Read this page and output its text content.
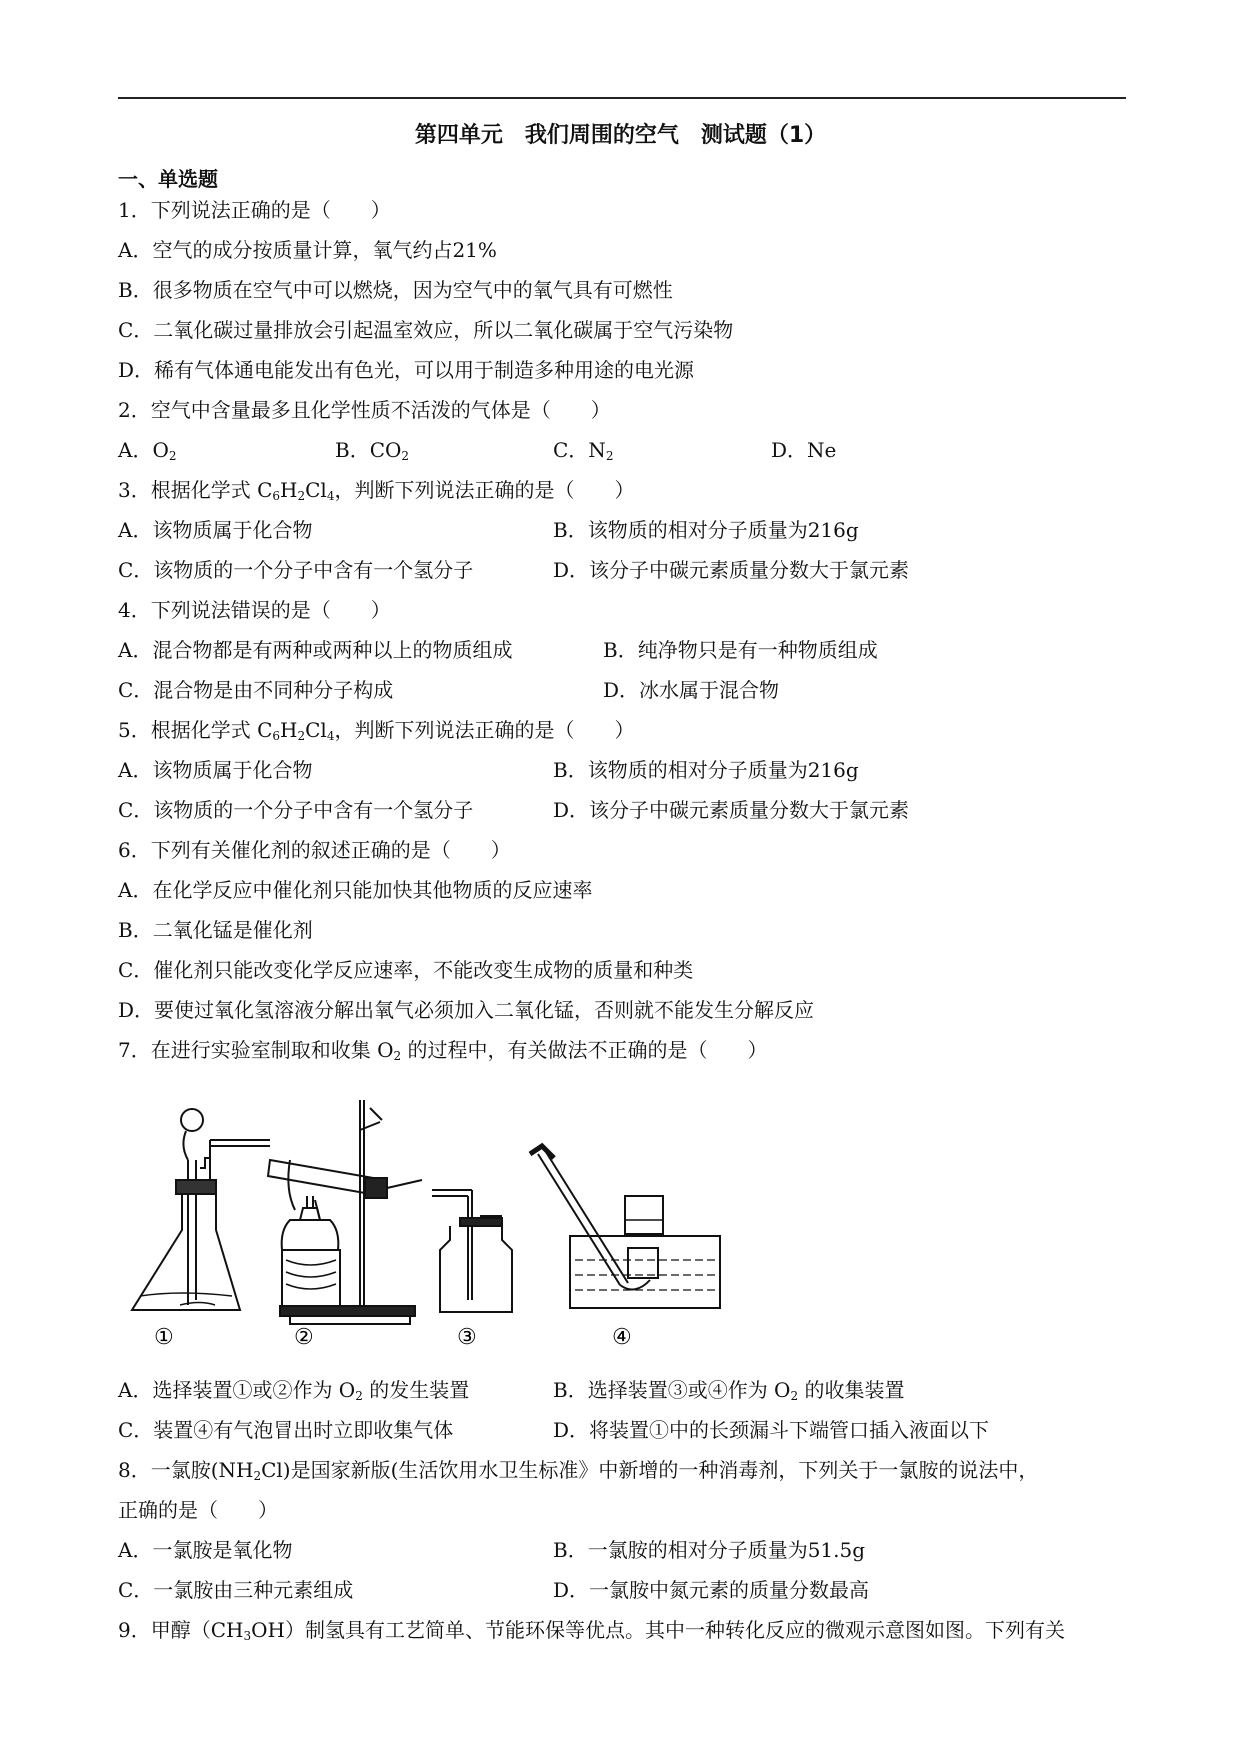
第四单元　我们周围的空气　测试题（1）
一、单选题
1．下列说法正确的是（　　）
A．空气的成分按质量计算，氧气约占21%
B．很多物质在空气中可以燃烧，因为空气中的氧气具有可燃性
C．二氧化碳过量排放会引起温室效应，所以二氧化碳属于空气污染物
D．稀有气体通电能发出有色光，可以用于制造多种用途的电光源
2．空气中含量最多且化学性质不活泼的气体是（　　）
A．$O_2$	B．$CO_2$	C．$N_2$	D．Ne
3．根据化学式 $C_6H_2Cl_4$，判断下列说法正确的是（　　）
A．该物质属于化合物	B．该物质的相对分子质量为216g
C．该物质的一个分子中含有一个氢分子	D．该分子中碳元素质量分数大于氯元素
4．下列说法错误的是（　　）
A．混合物都是有两种或两种以上的物质组成	B．纯净物只是有一种物质组成
C．混合物是由不同种分子构成	D．冰水属于混合物
5．根据化学式 $C_6H_2Cl_4$，判断下列说法正确的是（　　）
A．该物质属于化合物	B．该物质的相对分子质量为216g
C．该物质的一个分子中含有一个氢分子	D．该分子中碳元素质量分数大于氯元素
6．下列有关催化剂的叙述正确的是（　　）
A．在化学反应中催化剂只能加快其他物质的反应速率
B．二氧化锰是催化剂
C．催化剂只能改变化学反应速率，不能改变生成物的质量和种类
D．要使过氧化氢溶液分解出氧气必须加入二氧化锰，否则就不能发生分解反应
7．在进行实验室制取和收集 $O_2$ 的过程中，有关做法不正确的是（　　）
①	②	③	④
A．选择装置①或②作为 $O_2$ 的发生装置	B．选择装置③或④作为 $O_2$ 的收集装置
C．装置④有气泡冒出时立即收集气体	D．将装置①中的长颈漏斗下端管口插入液面以下
8．一氯胺$(NH_2Cl)$是国家新版(生活饮用水卫生标准》中新增的一种消毒剂，下列关于一氯胺的说法中，
正确的是（　　）
A．一氯胺是氧化物	B．一氯胺的相对分子质量为51.5g
C．一氯胺由三种元素组成	D．一氯胺中氮元素的质量分数最高
9．甲醇$(CH_3OH)$制氢具有工艺简单、节能环保等优点。其中一种转化反应的微观示意图如图。下列有关
